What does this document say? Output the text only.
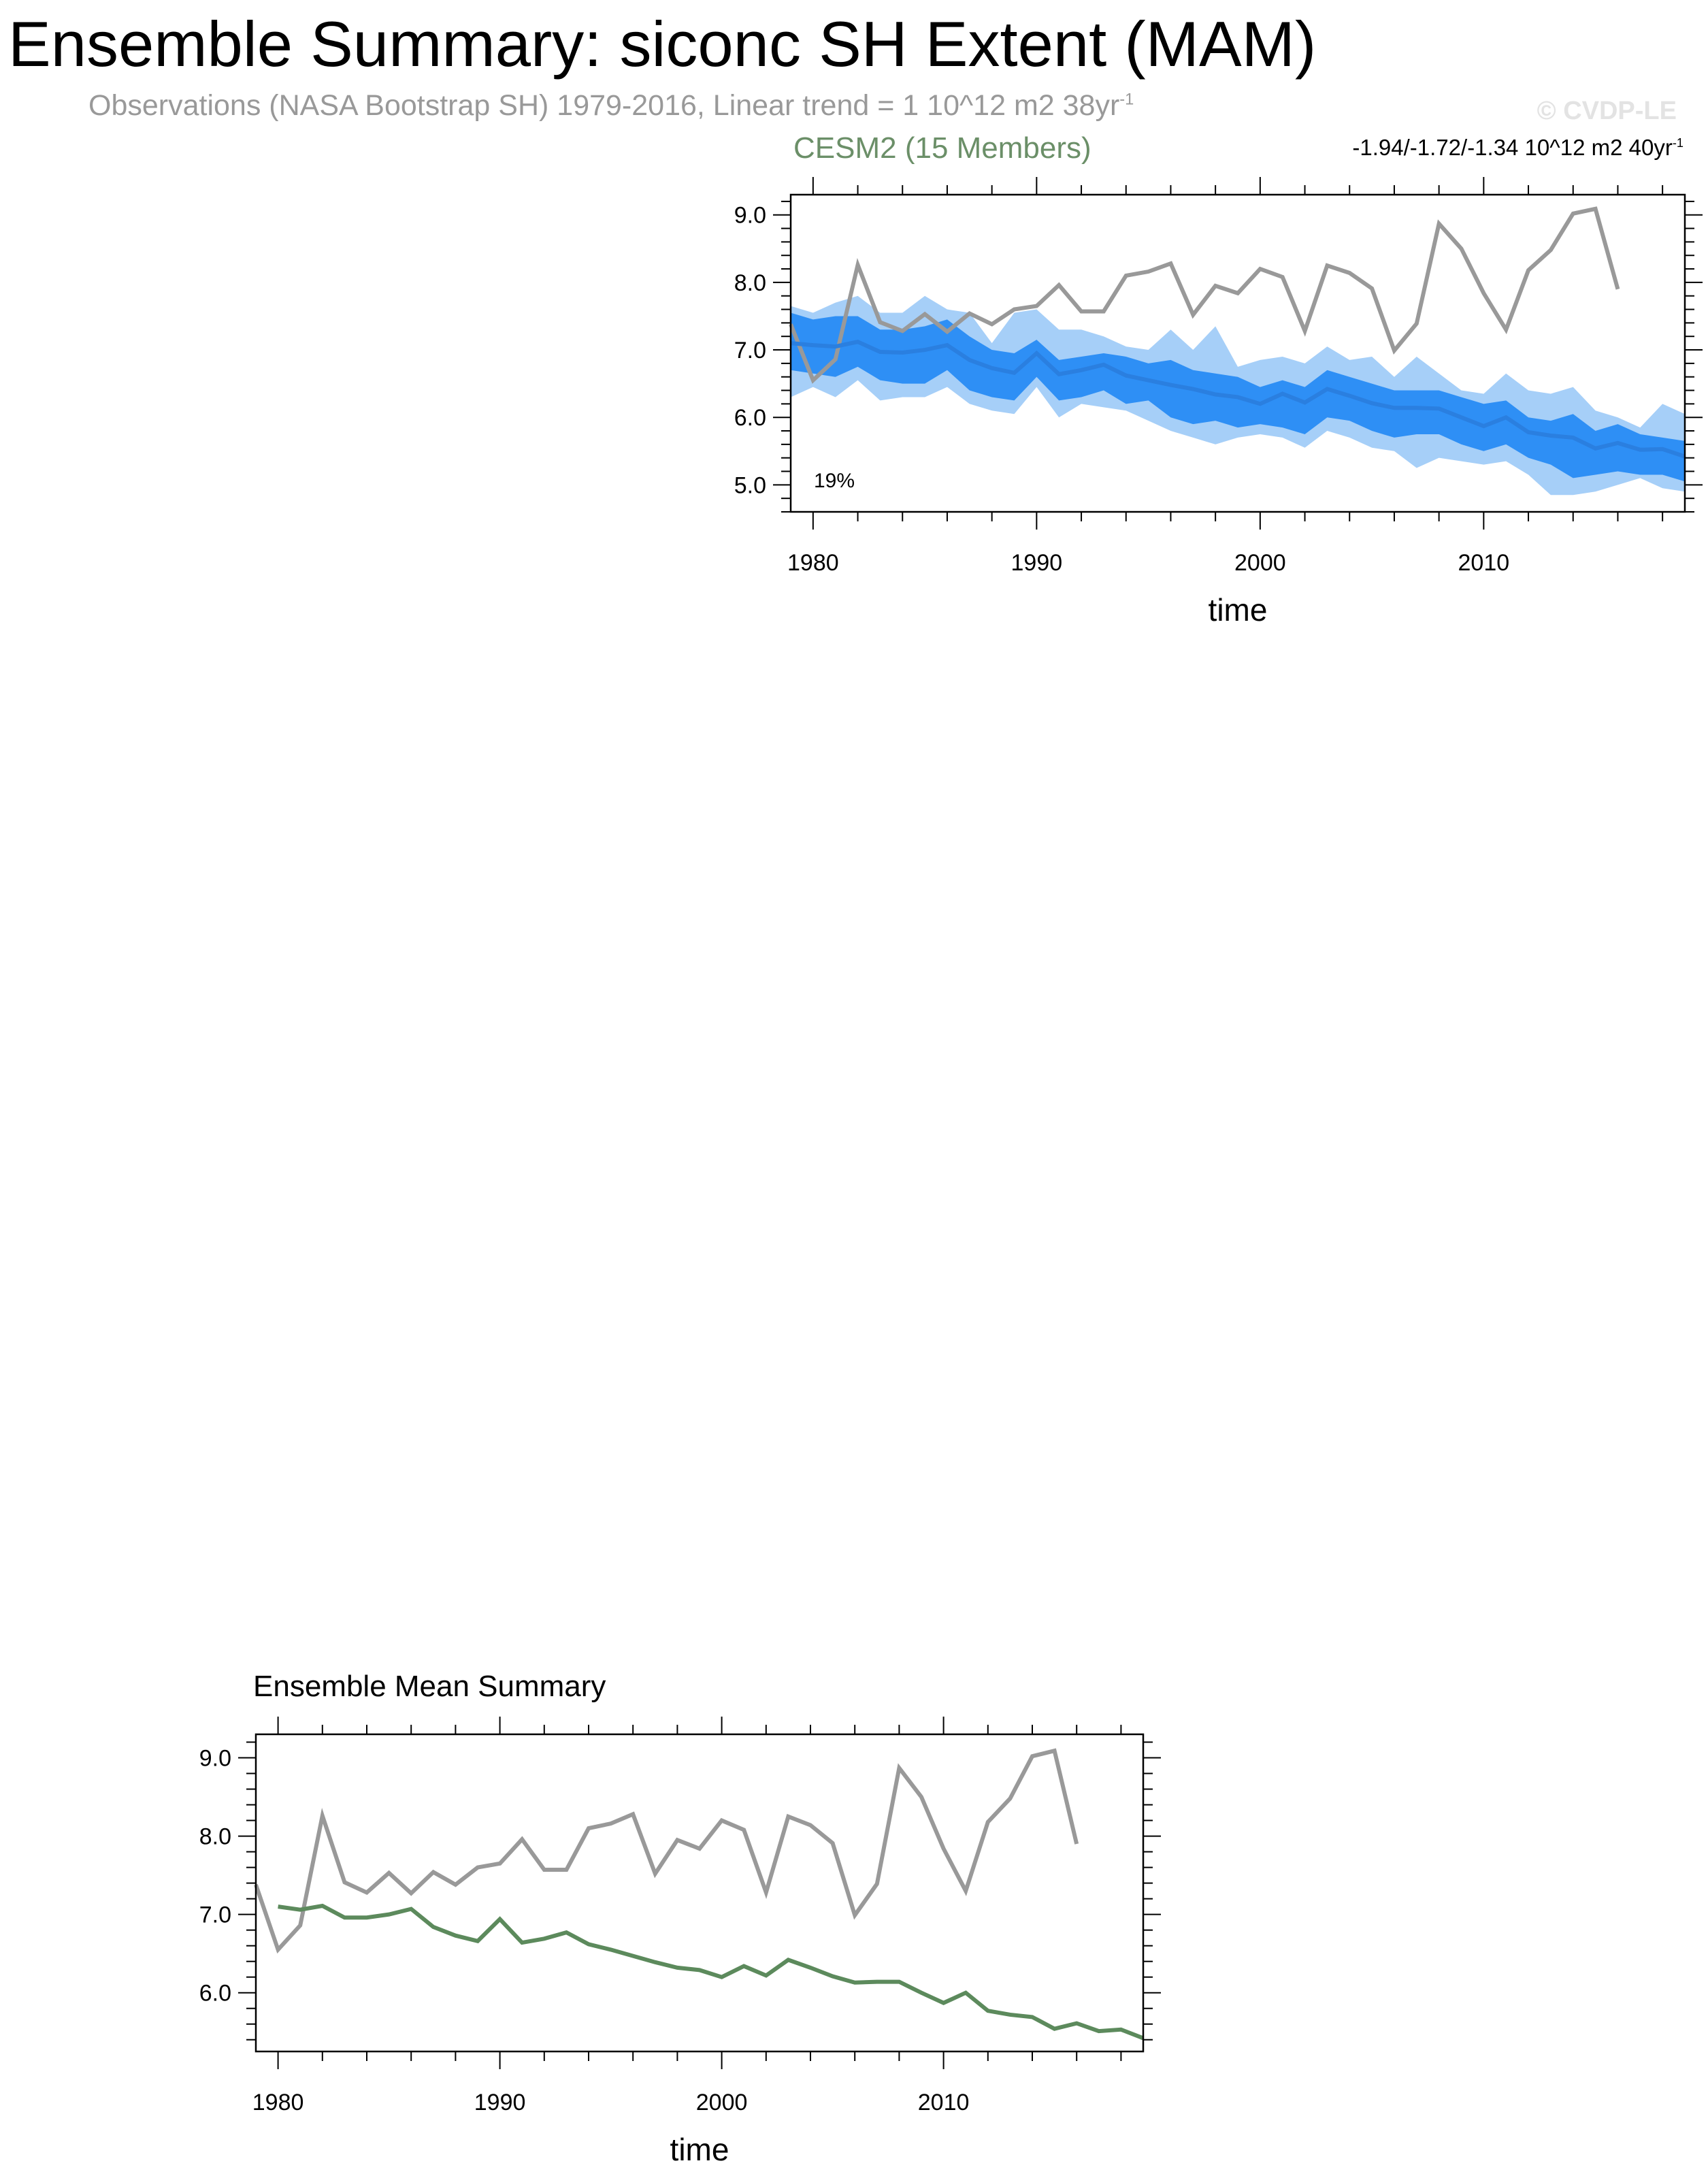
Ensemble Summary: siconc SH Extent (MAM)
Observations (NASA Bootstrap SH) 1979-2016, Linear trend = 1 10^12 m2 $38yr^{-1}$	© CVDP-LE
CESM2 (15 Members)	-1.94/-1.72/-1.34 10^12 m2 $40yr^{-1}$
19%
Ensemble Mean Summary
1980	1990	2000	2010
5.0
6.0
7.0
8.0
9.0
time
1980	1990	2000	2010
6.0
7.0
8.0
9.0
time
